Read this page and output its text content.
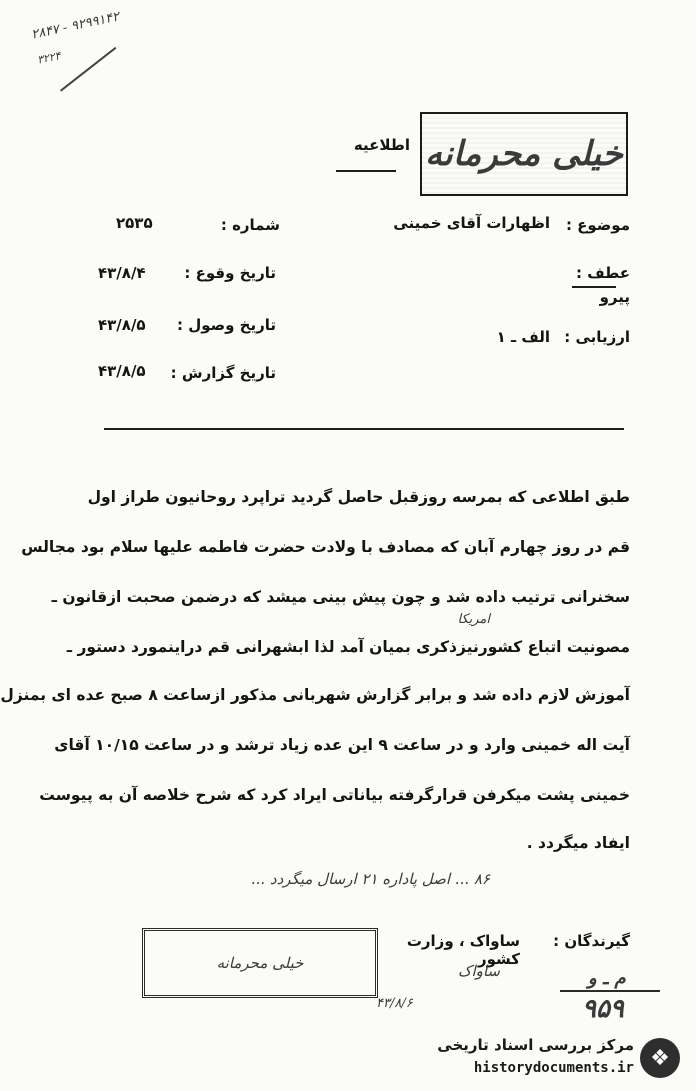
۲۸۴۷ - ۹۲۹۹۱۴۲
۳۲۲۴
خیلی محرمانه
اطلاعیه
موضوع :
اظهارات آقای خمینی
عطف :
پیرو
ارزیابی :
الف ـ ۱
شماره :
۲۵۳۵
تاریخ وقوع :
۴۳/۸/۴
تاریخ وصول :
۴۳/۸/۵
تاریخ گزارش :
۴۳/۸/۵
طبق اطلاعی که بمرسه روزقبل حاصل گردید تراپرد روحانیون طراز اول
قم در روز چهارم آبان که مصادف با ولادت حضرت فاطمه علیها سلام بود مجالس
سخنرانی ترتیب داده شد و چون پیش بینی میشد که درضمن صحبت ازقانون ـ
امریکا
مصونیت اتباع کشورنیزذکری بمیان آمد لذا ابشهرانی قم دراینمورد دستور ـ
آموزش لازم داده شد و برابر گزارش شهربانی مذکور ازساعت ۸ صبح عده ای بمنزل
آیت اله خمینی وارد و در ساعت ۹ این عده زیاد ترشد و در ساعت ۱۰/۱۵ آقای
خمینی پشت میکرفن قرارگرفته بیاناتی ایراد کرد که شرح خلاصه آن به پیوست
ایفاد میگردد .
۸۶ ... اصل پاداره ۲۱ ارسال میگردد ...
گیرندگان :
ساواک ، وزارت کشور
خیلی محرمانه	ساواک
۴۳/۸/۶
م ـ و
۹۵۹
❖
مرکز بررسی اسناد تاریخی
historydocuments.ir
